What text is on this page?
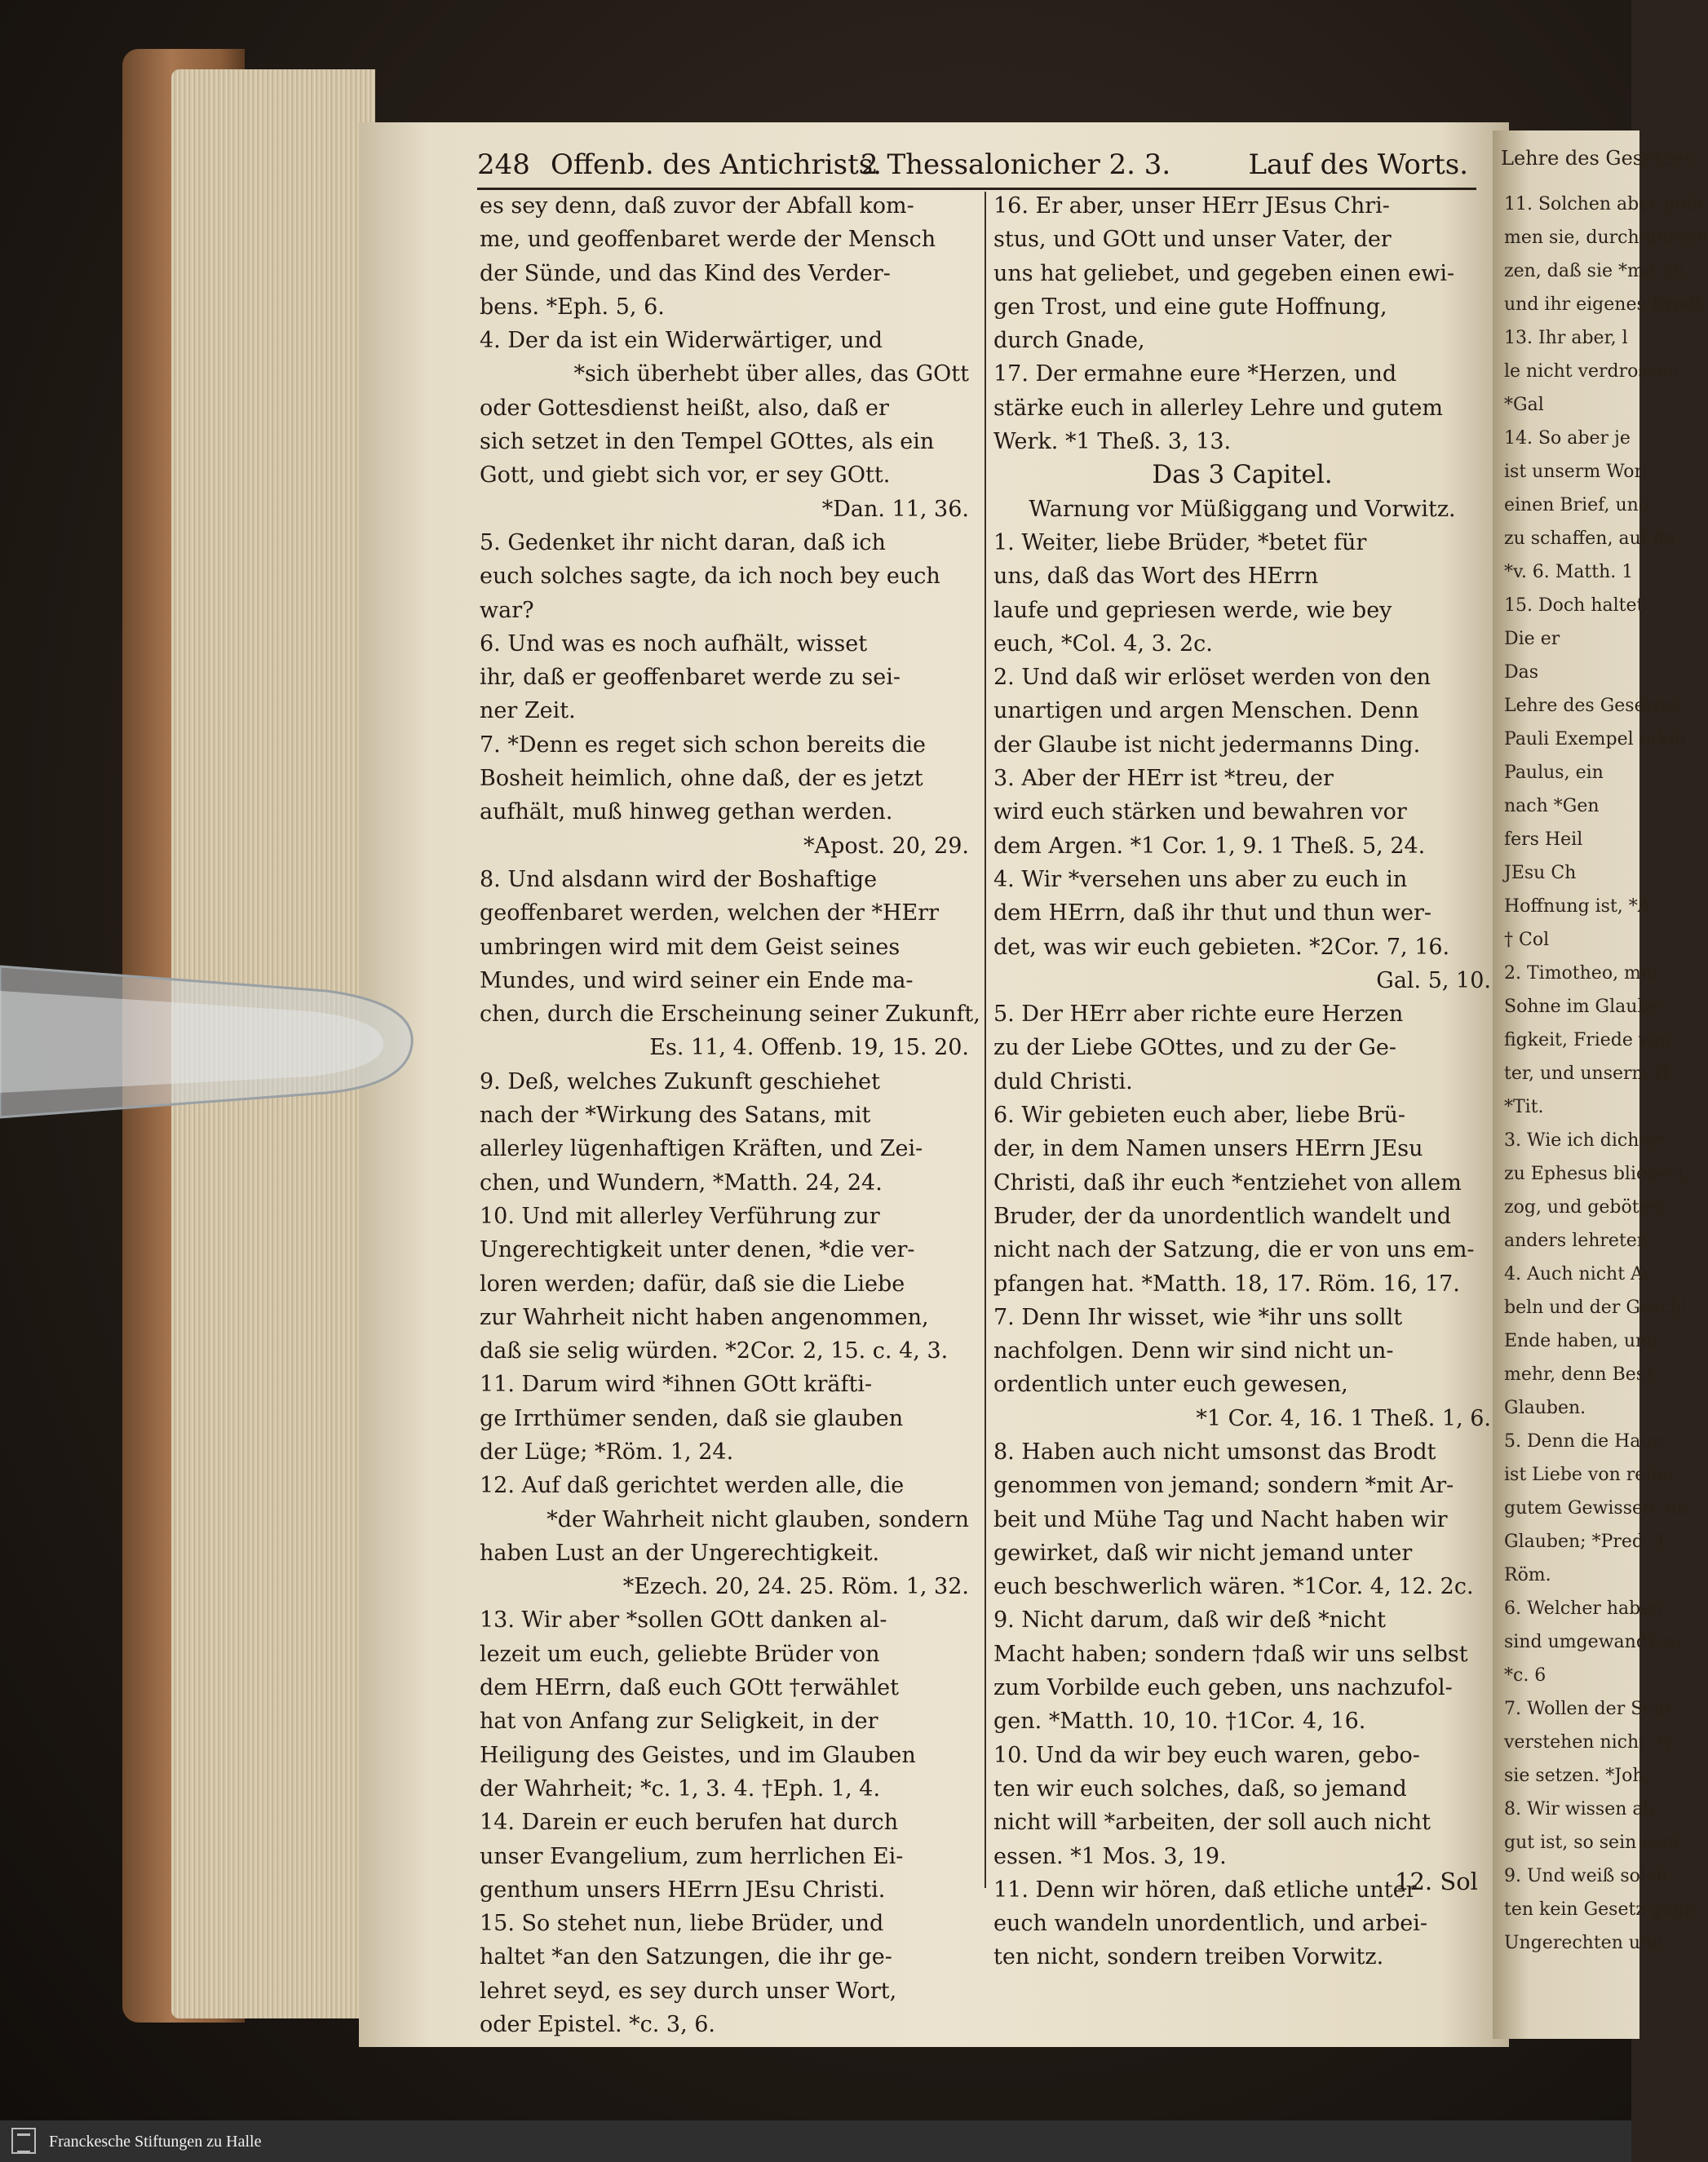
Lehre des Gesetzes
11. Solchen aber gebi
men sie, durch unsern
zen, daß sie *mit sti
und ihr eigenes Brodt
13. Ihr aber, l
le nicht verdrossen
*Gal
14. So aber je
ist unserm Wort,
einen Brief, und
zu schaffen, auf da
*v. 6. Matth. 1
15. Doch haltet
Die er
Das
Lehre des Gesetzes
Pauli Exempel erklä
Paulus, ein
nach *Gen
fers Heil
JEsu Ch
Hoffnung ist, *A
† Col
2. Timotheo, mei
Sohne im Glaube
figkeit, Friede von
ter, und unserm H
*Tit.
3. Wie ich dich er
zu Ephesus bliebest,
zog, und gebötest
anders lehreten,
4. Auch nicht Ac
beln und der Geschl
Ende haben, und
mehr, denn Bess
Glauben.
5. Denn die Haup
ist Liebe von reine
gutem Gewissen, un
Glauben; *Pred. 1
Röm.
6. Welcher haben
sind umgewandt zu
*c. 6
7. Wollen der Schr
verstehen nicht, w
sie setzen. *Joh.
8. Wir wissen ab
gut ist, so sein sem
9. Und weiß solch
ten kein Gesetz gege
Ungerechten und
248 Offenb. des Antichrists.
2 Thessalonicher 2. 3.	Lauf des Worts.
es sey denn, daß zuvor der Abfall kom-
me, und geoffenbaret werde der Mensch
der Sünde, und das Kind des Verder-
bens. *Eph. 5, 6.
4. Der da ist ein Widerwärtiger, und
*sich überhebt über alles, das GOtt
oder Gottesdienst heißt, also, daß er
sich setzet in den Tempel GOttes, als ein
Gott, und giebt sich vor, er sey GOtt.
*Dan. 11, 36.
5. Gedenket ihr nicht daran, daß ich
euch solches sagte, da ich noch bey euch
war?
6. Und was es noch aufhält, wisset
ihr, daß er geoffenbaret werde zu sei-
ner Zeit.
7. *Denn es reget sich schon bereits die
Bosheit heimlich, ohne daß, der es jetzt
aufhält, muß hinweg gethan werden.
*Apost. 20, 29.
8. Und alsdann wird der Boshaftige
geoffenbaret werden, welchen der *HErr
umbringen wird mit dem Geist seines
Mundes, und wird seiner ein Ende ma-
chen, durch die Erscheinung seiner Zukunft,
Es. 11, 4. Offenb. 19, 15. 20.
9. Deß, welches Zukunft geschiehet
nach der *Wirkung des Satans, mit
allerley lügenhaftigen Kräften, und Zei-
chen, und Wundern, *Matth. 24, 24.
10. Und mit allerley Verführung zur
Ungerechtigkeit unter denen, *die ver-
loren werden; dafür, daß sie die Liebe
zur Wahrheit nicht haben angenommen,
daß sie selig würden. *2Cor. 2, 15. c. 4, 3.
11. Darum wird *ihnen GOtt kräfti-
ge Irrthümer senden, daß sie glauben
der Lüge; *Röm. 1, 24.
12. Auf daß gerichtet werden alle, die
*der Wahrheit nicht glauben, sondern
haben Lust an der Ungerechtigkeit.
*Ezech. 20, 24. 25. Röm. 1, 32.
13. Wir aber *sollen GOtt danken al-
lezeit um euch, geliebte Brüder von
dem HErrn, daß euch GOtt †erwählet
hat von Anfang zur Seligkeit, in der
Heiligung des Geistes, und im Glauben
der Wahrheit; *c. 1, 3. 4. †Eph. 1, 4.
14. Darein er euch berufen hat durch
unser Evangelium, zum herrlichen Ei-
genthum unsers HErrn JEsu Christi.
15. So stehet nun, liebe Brüder, und
haltet *an den Satzungen, die ihr ge-
lehret seyd, es sey durch unser Wort,
oder Epistel. *c. 3, 6.
16. Er aber, unser HErr JEsus Chri-
stus, und GOtt und unser Vater, der
uns hat geliebet, und gegeben einen ewi-
gen Trost, und eine gute Hoffnung,
durch Gnade,
17. Der ermahne eure *Herzen, und
stärke euch in allerley Lehre und gutem
Werk. *1 Theß. 3, 13.
Das 3 Capitel.
Warnung vor Müßiggang und Vorwitz.
1. Weiter, liebe Brüder, *betet für
uns, daß das Wort des HErrn
laufe und gepriesen werde, wie bey
euch, *Col. 4, 3. 2c.
2. Und daß wir erlöset werden von den
unartigen und argen Menschen. Denn
der Glaube ist nicht jedermanns Ding.
3. Aber der HErr ist *treu, der
wird euch stärken und bewahren vor
dem Argen. *1 Cor. 1, 9. 1 Theß. 5, 24.
4. Wir *versehen uns aber zu euch in
dem HErrn, daß ihr thut und thun wer-
det, was wir euch gebieten. *2Cor. 7, 16.
Gal. 5, 10.
5. Der HErr aber richte eure Herzen
zu der Liebe GOttes, und zu der Ge-
duld Christi.
6. Wir gebieten euch aber, liebe Brü-
der, in dem Namen unsers HErrn JEsu
Christi, daß ihr euch *entziehet von allem
Bruder, der da unordentlich wandelt und
nicht nach der Satzung, die er von uns em-
pfangen hat. *Matth. 18, 17. Röm. 16, 17.
7. Denn Ihr wisset, wie *ihr uns sollt
nachfolgen. Denn wir sind nicht un-
ordentlich unter euch gewesen,
*1 Cor. 4, 16. 1 Theß. 1, 6.
8. Haben auch nicht umsonst das Brodt
genommen von jemand; sondern *mit Ar-
beit und Mühe Tag und Nacht haben wir
gewirket, daß wir nicht jemand unter
euch beschwerlich wären. *1Cor. 4, 12. 2c.
9. Nicht darum, daß wir deß *nicht
Macht haben; sondern †daß wir uns selbst
zum Vorbilde euch geben, uns nachzufol-
gen. *Matth. 10, 10. †1Cor. 4, 16.
10. Und da wir bey euch waren, gebo-
ten wir euch solches, daß, so jemand
nicht will *arbeiten, der soll auch nicht
essen. *1 Mos. 3, 19.
11. Denn wir hören, daß etliche unter
euch wandeln unordentlich, und arbei-
ten nicht, sondern treiben Vorwitz.
12. Sol
Franckesche Stiftungen zu Halle
